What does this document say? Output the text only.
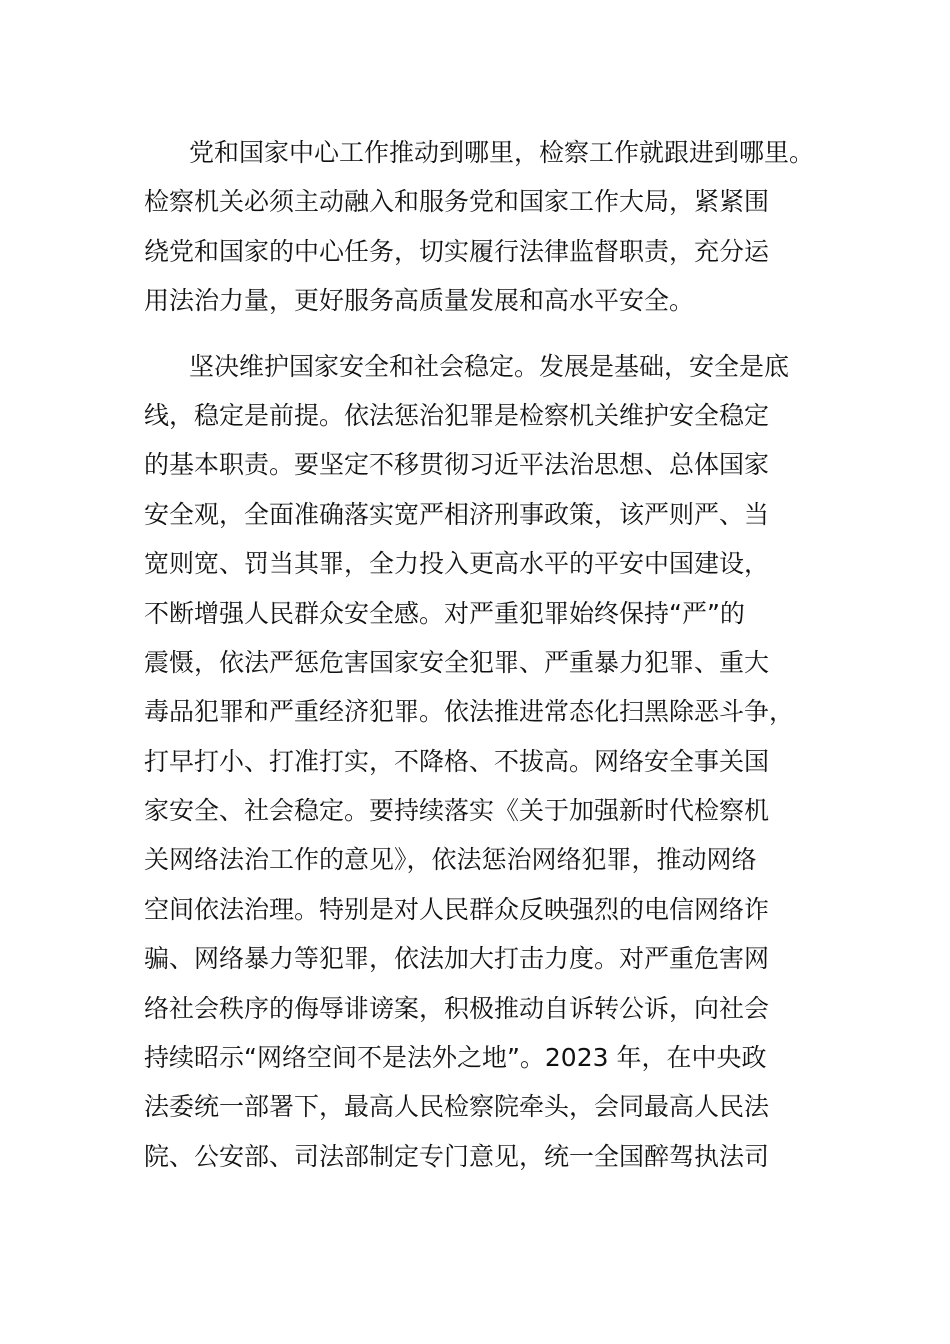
党和国家中心工作推动到哪里，检察工作就跟进到哪里。
检察机关必须主动融入和服务党和国家工作大局，紧紧围
绕党和国家的中心任务，切实履行法律监督职责，充分运
用法治力量，更好服务高质量发展和高水平安全。
坚决维护国家安全和社会稳定。发展是基础，安全是底
线，稳定是前提。依法惩治犯罪是检察机关维护安全稳定
的基本职责。要坚定不移贯彻习近平法治思想、总体国家
安全观，全面准确落实宽严相济刑事政策，该严则严、当
宽则宽、罚当其罪，全力投入更高水平的平安中国建设，
不断增强人民群众安全感。对严重犯罪始终保持“严”的
震慑，依法严惩危害国家安全犯罪、严重暴力犯罪、重大
毒品犯罪和严重经济犯罪。依法推进常态化扫黑除恶斗争，
打早打小、打准打实，不降格、不拔高。网络安全事关国
家安全、社会稳定。要持续落实《关于加强新时代检察机
关网络法治工作的意见》，依法惩治网络犯罪，推动网络
空间依法治理。特别是对人民群众反映强烈的电信网络诈
骗、网络暴力等犯罪，依法加大打击力度。对严重危害网
络社会秩序的侮辱诽谤案，积极推动自诉转公诉，向社会
持续昭示“网络空间不是法外之地”。2023 年，在中央政
法委统一部署下，最高人民检察院牵头，会同最高人民法
院、公安部、司法部制定专门意见，统一全国醉驾执法司
